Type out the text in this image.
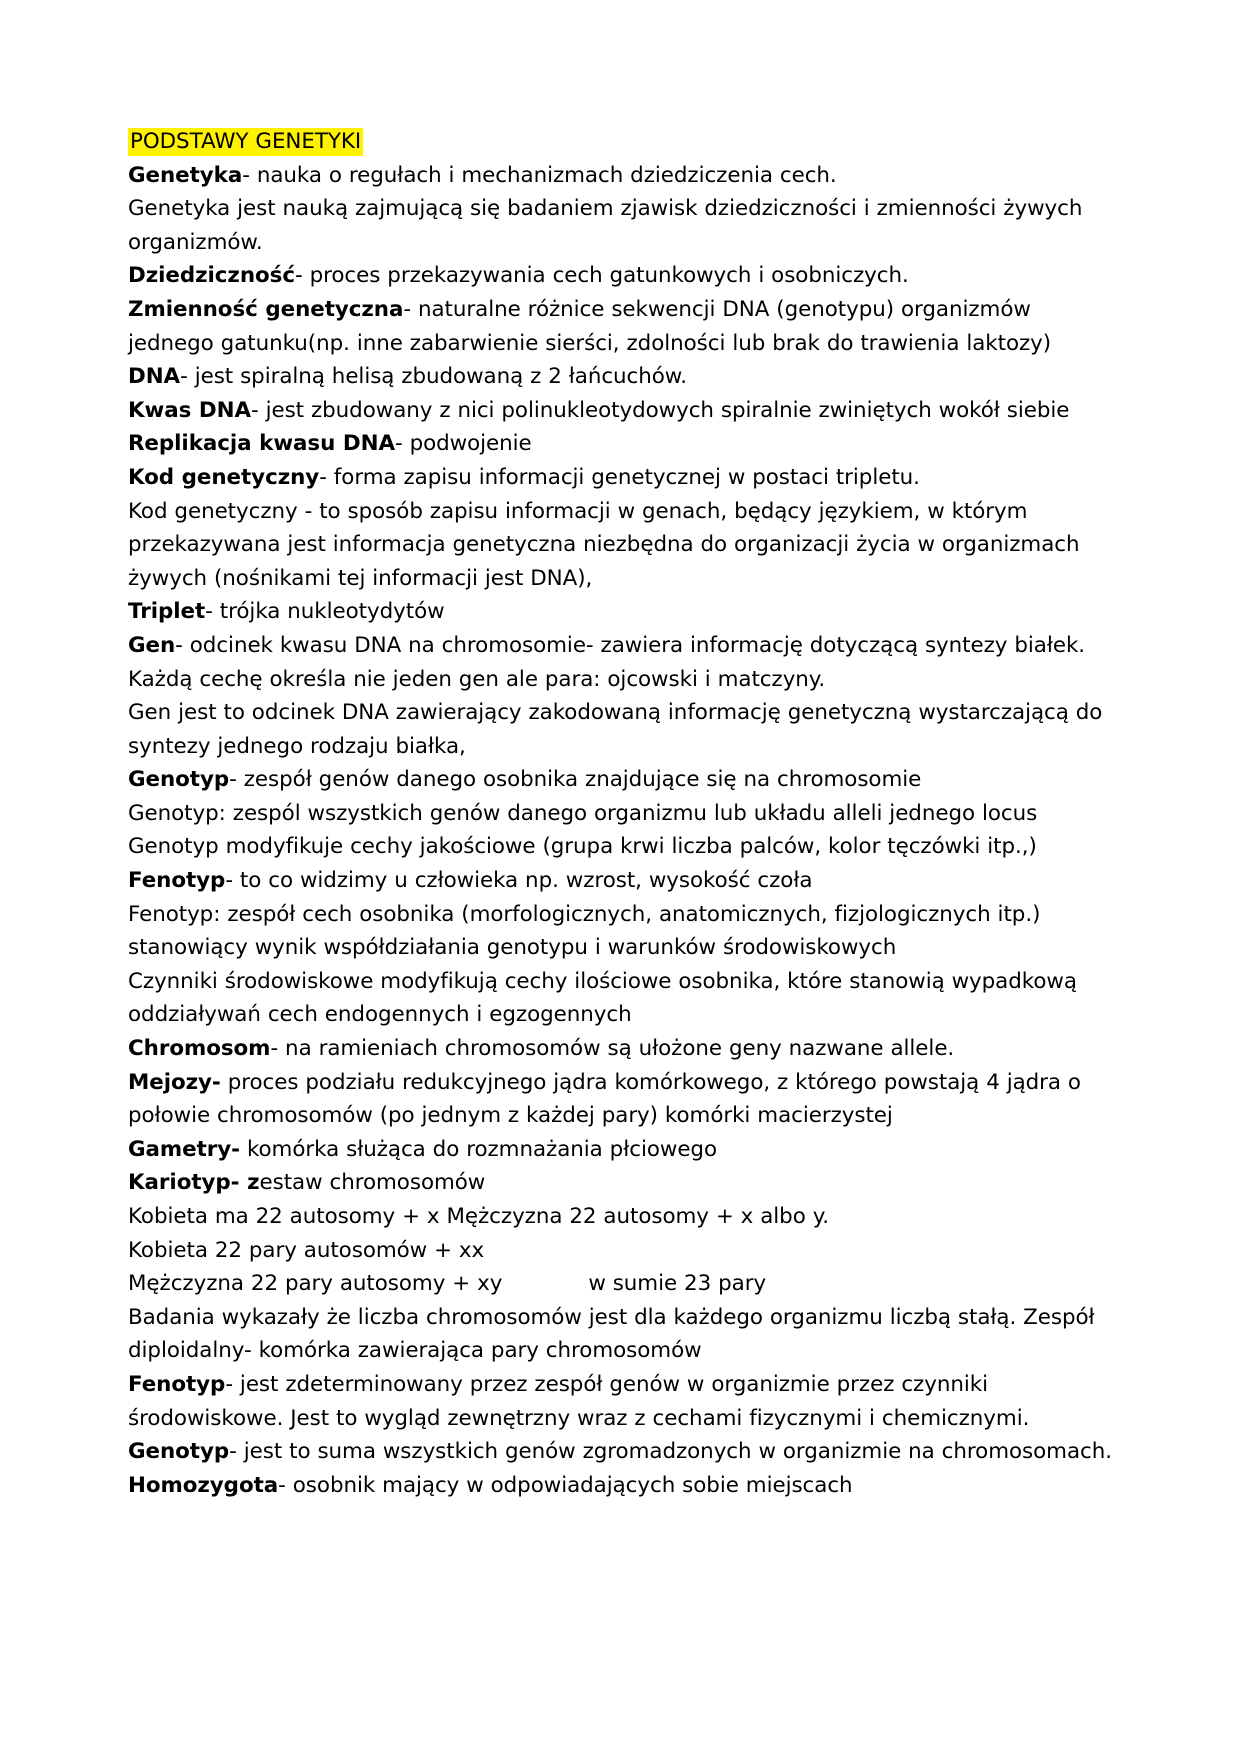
PODSTAWY GENETYKI

Genetyka- nauka o regułach i mechanizmach dziedziczenia cech.

Genetyka jest nauką zajmującą się badaniem zjawisk dziedziczności i zmienności żywych organizmów.

Dziedziczność- proces przekazywania cech gatunkowych i osobniczych.

Zmienność genetyczna- naturalne różnice sekwencji DNA (genotypu) organizmów jednego gatunku(np. inne zabarwienie sierści, zdolności lub brak do trawienia laktozy)

DNA- jest spiralną helisą zbudowaną z 2 łańcuchów.

Kwas DNA- jest zbudowany z nici polinukleotydowych spiralnie zwiniętych wokół siebie

Replikacja kwasu DNA- podwojenie

Kod genetyczny- forma zapisu informacji genetycznej w postaci tripletu.

Kod genetyczny - to sposób zapisu informacji w genach, będący językiem, w którym przekazywana jest informacja genetyczna niezbędna do organizacji życia w organizmach żywych (nośnikami tej informacji jest DNA),

Triplet- trójka nukleotydytów

Gen- odcinek kwasu DNA na chromosomie- zawiera informację dotyczącą syntezy białek. Każdą cechę określa nie jeden gen ale para: ojcowski i matczyny.

Gen jest to odcinek DNA zawierający zakodowaną informację genetyczną wystarczającą do syntezy jednego rodzaju białka,

Genotyp- zespół genów danego osobnika znajdujące się na chromosomie

Genotyp: zespól wszystkich genów danego organizmu lub układu alleli jednego locus

Genotyp modyfikuje cechy jakościowe (grupa krwi liczba palców, kolor tęczówki itp.,)

Fenotyp- to co widzimy u człowieka np. wzrost, wysokość czoła

Fenotyp: zespół cech osobnika (morfologicznych, anatomicznych, fizjologicznych itp.) stanowiący wynik współdziałania genotypu i warunków środowiskowych

Czynniki środowiskowe modyfikują cechy ilościowe osobnika, które stanowią wypadkową oddziaływań cech endogennych i egzogennych

Chromosom- na ramieniach chromosomów są ułożone geny nazwane allele.

Mejozy- proces podziału redukcyjnego jądra komórkowego, z którego powstają 4 jądra o połowie chromosomów (po jednym z każdej pary) komórki macierzystej

Gametry- komórka służąca do rozmnażania płciowego

Kariotyp- zestaw chromosomów

Kobieta ma 22 autosomy + x Mężczyzna 22 autosomy + x albo y.

Kobieta 22 pary autosomów + xx

Mężczyzna 22 pary autosomy + xy	w sumie 23 pary

Badania wykazały że liczba chromosomów jest dla każdego organizmu liczbą stałą. Zespół diploidalny- komórka zawierająca pary chromosomów

Fenotyp- jest zdeterminowany przez zespół genów w organizmie przez czynniki środowiskowe. Jest to wygląd zewnętrzny wraz z cechami fizycznymi i chemicznymi.

Genotyp- jest to suma wszystkich genów zgromadzonych w organizmie na chromosomach.

Homozygota- osobnik mający w odpowiadających sobie miejscach
